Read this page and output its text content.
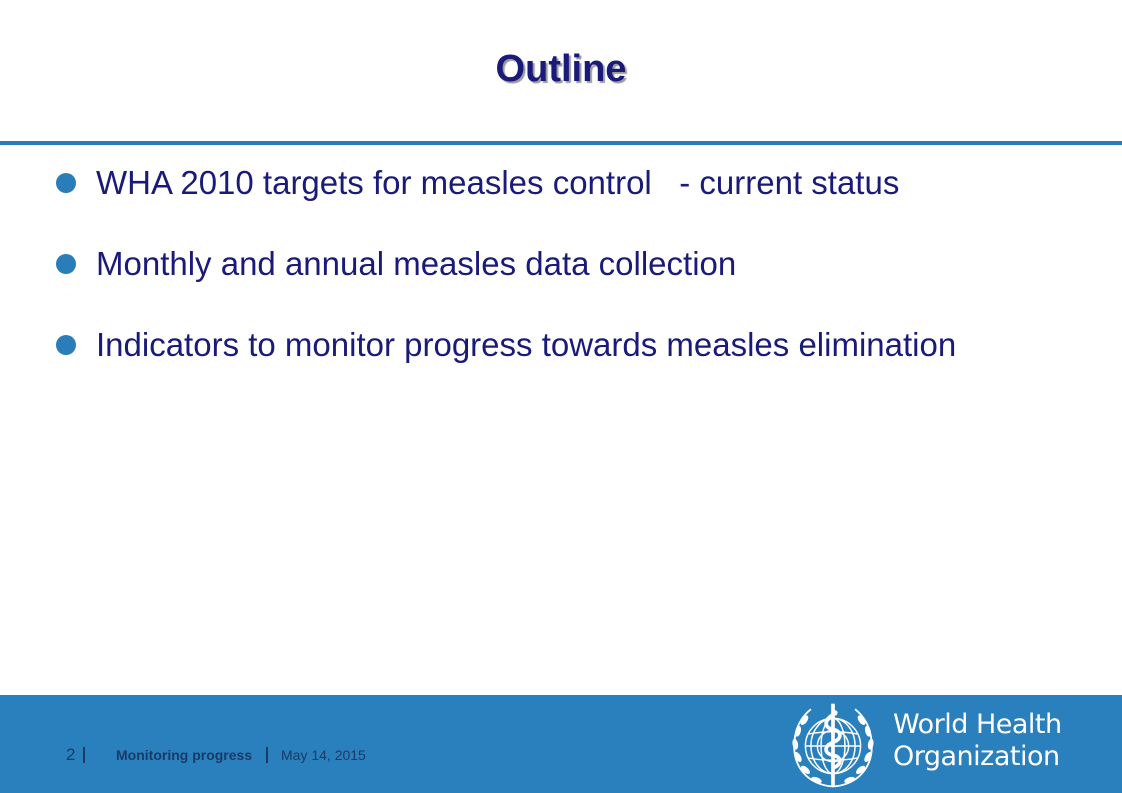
Outline
WHA 2010 targets for measles control   - current status
Monthly and annual measles data collection
Indicators to monitor progress towards measles elimination
2	Monitoring progress May 14, 2015
World Health
Organization
